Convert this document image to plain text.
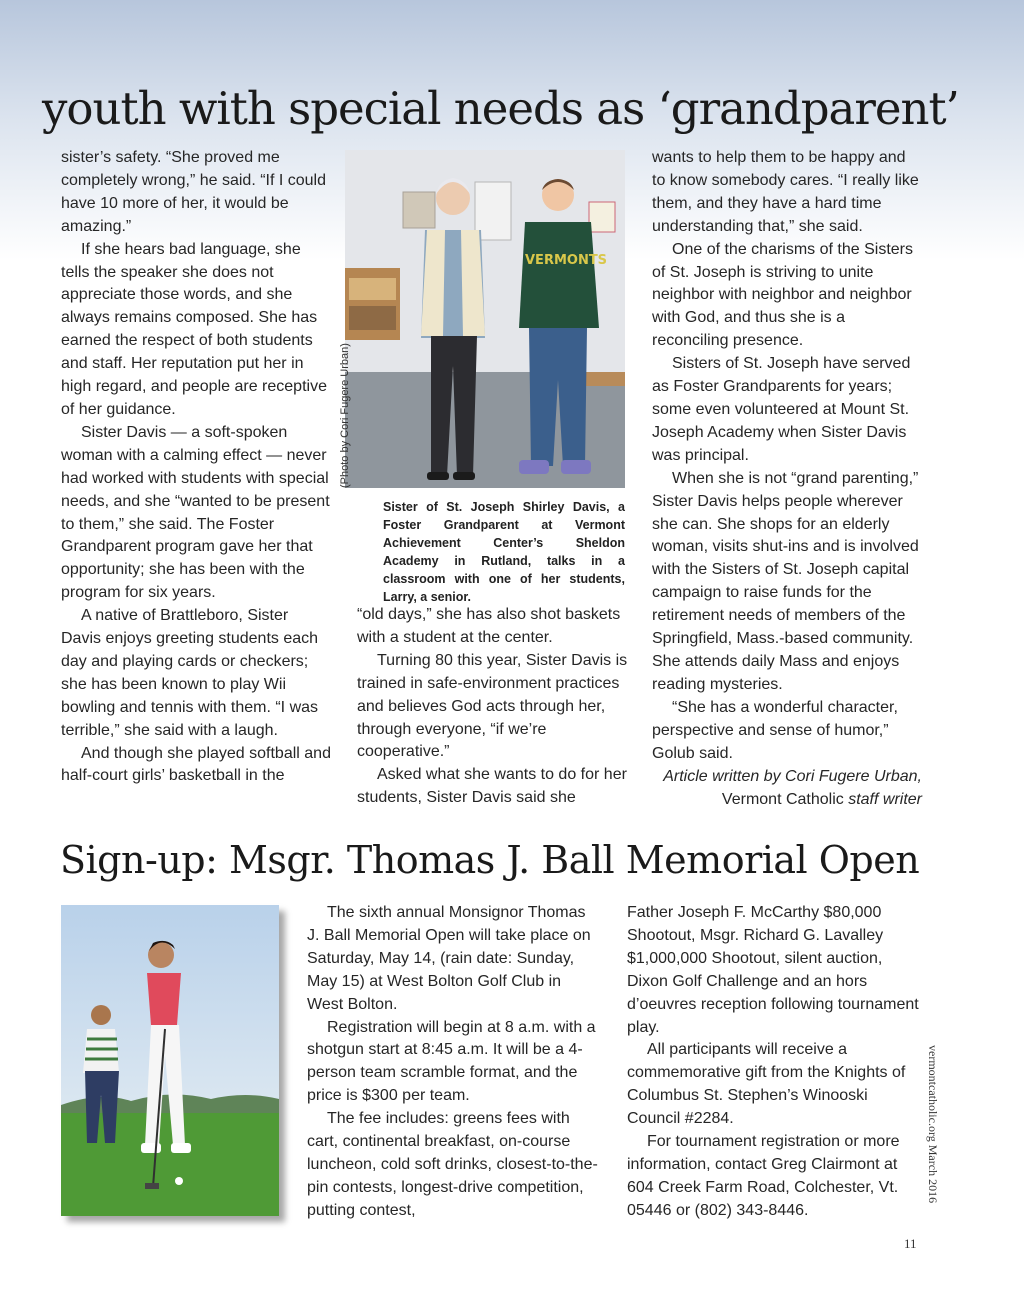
youth with special needs as ‘grandparent’

sister’s safety. “She proved me completely wrong,” he said. “If I could have 10 more of her, it would be amazing.”

If she hears bad language, she tells the speaker she does not appreciate those words, and she always remains composed. She has earned the respect of both students and staff. Her reputation put her in high regard, and people are receptive of her guidance.

Sister Davis — a soft-spoken woman with a calming effect — never had worked with students with special needs, and she “wanted to be present to them,” she said. The Foster Grandparent program gave her that opportunity; she has been with the program for six years.

A native of Brattleboro, Sister Davis enjoys greeting students each day and playing cards or checkers; she has been known to play Wii bowling and tennis with them. “I was terrible,” she said with a laugh.

And though she played softball and half-court girls’ basketball in the

VERMONTS
(Photo by Cori Fugere Urban)
Sister of St. Joseph Shirley Davis, a Foster Grandparent at Vermont Achievement Center’s Sheldon Academy in Rutland, talks in a classroom with one of her students, Larry, a senior.

“old days,” she has also shot baskets with a student at the center.

Turning 80 this year, Sister Davis is trained in safe-environment practices and believes God acts through her, through everyone, “if we’re cooperative.”

Asked what she wants to do for her students, Sister Davis said she

wants to help them to be happy and to know somebody cares. “I really like them, and they have a hard time understanding that,” she said.

One of the charisms of the Sisters of St. Joseph is striving to unite neighbor with neighbor and neighbor with God, and thus she is a reconciling presence.

Sisters of St. Joseph have served as Foster Grandparents for years; some even volunteered at Mount St. Joseph Academy when Sister Davis was principal.

When she is not “grand parenting,” Sister Davis helps people wherever she can. She shops for an elderly woman, visits shut-ins and is involved with the Sisters of St. Joseph capital campaign to raise funds for the retirement needs of members of the Springfield, Mass.-based community. She attends daily Mass and enjoys reading mysteries.

“She has a wonderful character, perspective and sense of humor,” Golub said.

Article written by Cori Fugere Urban,

Vermont Catholic staff writer

Sign-up: Msgr. Thomas J. Ball Memorial Open

The sixth annual Monsignor Thomas J. Ball Memorial Open will take place on Saturday, May 14, (rain date: Sunday, May 15) at West Bolton Golf Club in West Bolton.

Registration will begin at 8 a.m. with a shotgun start at 8:45 a.m. It will be a 4-person team scramble format, and the price is $300 per team.

The fee includes: greens fees with cart, continental breakfast, on-course luncheon, cold soft drinks, closest-to-the-pin contests, longest-drive competition, putting contest,

Father Joseph F. McCarthy $80,000 Shootout, Msgr. Richard G. Lavalley $1,000,000 Shootout, silent auction, Dixon Golf Challenge and an hors d’oeuvres reception following tournament play.

All participants will receive a commemorative gift from the Knights of Columbus St. Stephen’s Winooski Council #2284.

For tournament registration or more information, contact Greg Clairmont at 604 Creek Farm Road, Colchester, Vt. 05446 or (802) 343-8446.

vermontcatholic.org March 2016
11
